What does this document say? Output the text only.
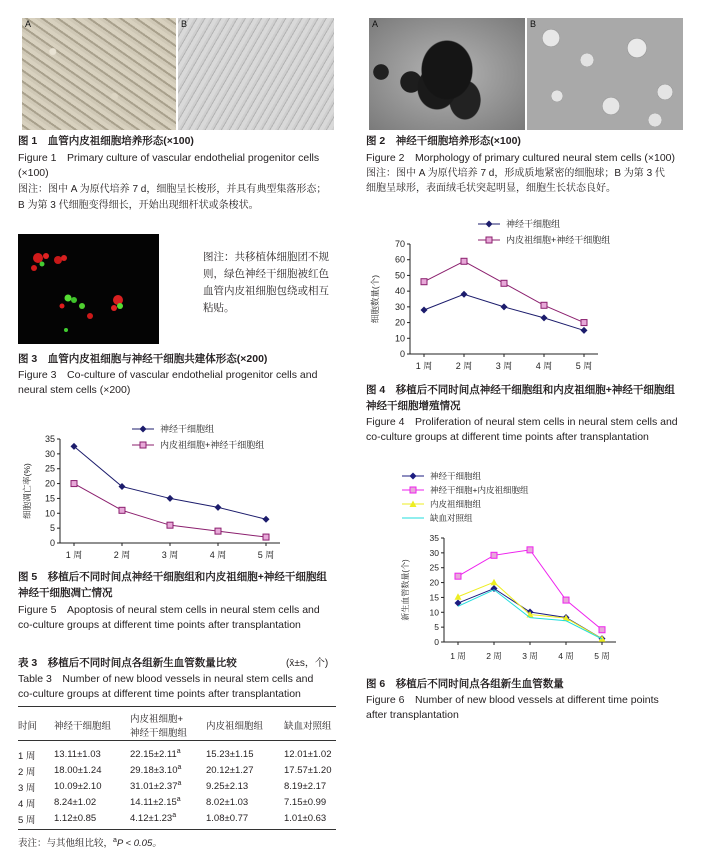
A	B
图 1　血管内皮祖细胞培养形态(×100)
Figure 1　Primary culture of vascular endothelial progenitor cells
(×100)
图注：图中 A 为原代培养 7 d，细胞呈长梭形，并具有典型集落形态；
B 为第 3 代细胞变得细长，开始出现细杆状或条梭状。
A	B
图 2　神经干细胞培养形态(×100)
Figure 2　Morphology of primary cultured neural stem cells (×100)
图注：图中 A 为原代培养 7 d，形成质地紧密的细胞球；B 为第 3 代
细胞呈球形，表面绒毛状突起明显，细胞生长状态良好。
图注：共移植体细胞团不规
则，绿色神经干细胞被红色
血管内皮祖细胞包绕或相互
粘贴。
图 3　血管内皮祖细胞与神经干细胞共建体形态(×200)
Figure 3　Co-culture of vascular endothelial progenitor cells and
neural stem cells (×200)
0
10
20
30
40
50
60
70
1 周	2 周	3 周	4 周	5 周
细胞数量(个)
神经干细胞组
内皮祖细胞+神经干细胞组
图 4　移植后不同时间点神经干细胞组和内皮祖细胞+神经干细胞组
神经干细胞增殖情况
Figure 4　Proliferation of neural stem cells in neural stem cells and
co-culture groups at different time points after transplantation
0
5
10
15
20
25
30
35
1 周	2 周	3 周	4 周	5 周
细胞凋亡率(%)
神经干细胞组
内皮祖细胞+神经干细胞组
图 5　移植后不同时间点神经干细胞组和内皮祖细胞+神经干细胞组
神经干细胞凋亡情况
Figure 5　Apoptosis of neural stem cells in neural stem cells and
co-culture groups at different time points after transplantation
0
5
10
15
20
25
30
35
1 周 2 周 3 周 4 周 5 周
新生血管数量(个)
神经干细胞组
神经干细胞+内皮祖细胞组
内皮祖细胞组
缺血对照组
图 6　移植后不同时间点各组新生血管数量
Figure 6　Number of new blood vessels at different time points
after transplantation
表 3　移植后不同时间点各组新生血管数量比较	(x̄±s，个)
Table 3　Number of new blood vessels in neural stem cells and
co-culture groups at different time points after transplantation
时间	神经干细胞组	内皮祖细胞+
神经干细胞组	内皮祖细胞组	缺血对照组

1 周	13.11±1.03	22.15±2.11$^a$	15.23±1.15	12.01±1.02
2 周	18.00±1.24	29.18±3.10$^a$	20.12±1.27	17.57±1.20
3 周	10.09±2.10	31.01±2.37$^a$	9.25±2.13	8.19±2.17
4 周	8.24±1.02	14.11±2.15$^a$	8.02±1.03	7.15±0.99
5 周	1.12±0.85	4.12±1.23$^a$	1.08±0.77	1.01±0.63
表注：与其他组比较，$^a$P < 0.05。
